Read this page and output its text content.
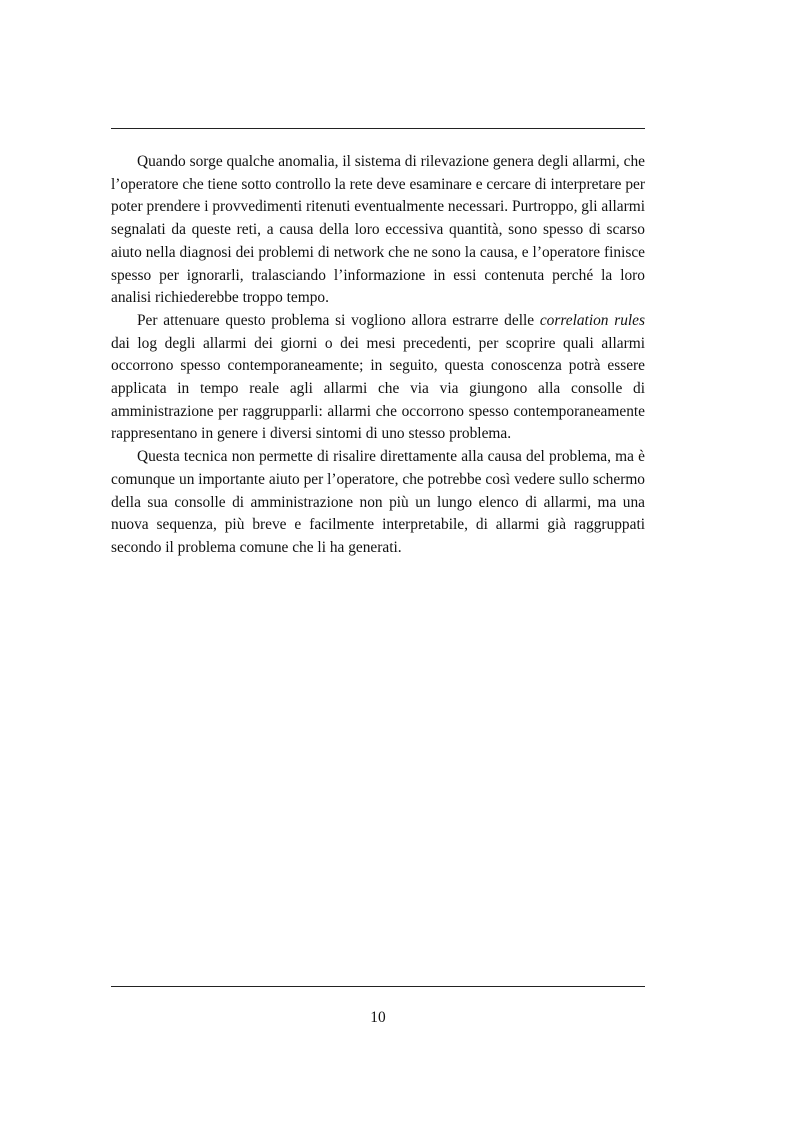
Quando sorge qualche anomalia, il sistema di rilevazione genera degli allarmi, che l’operatore che tiene sotto controllo la rete deve esaminare e cercare di interpretare per poter prendere i provvedimenti ritenuti eventualmente necessari. Purtroppo, gli allarmi segnalati da queste reti, a causa della loro eccessiva quantità, sono spesso di scarso aiuto nella diagnosi dei problemi di network che ne sono la causa, e l’operatore finisce spesso per ignorarli, tralasciando l’informazione in essi contenuta perché la loro analisi richiederebbe troppo tempo.

Per attenuare questo problema si vogliono allora estrarre delle correlation rules dai log degli allarmi dei giorni o dei mesi precedenti, per scoprire quali allarmi occorrono spesso contemporaneamente; in seguito, questa conoscenza potrà essere applicata in tempo reale agli allarmi che via via giungono alla consolle di amministrazione per raggrupparli: allarmi che occorrono spesso contemporaneamente rappresentano in genere i diversi sintomi di uno stesso problema.

Questa tecnica non permette di risalire direttamente alla causa del problema, ma è comunque un importante aiuto per l’operatore, che potrebbe così vedere sullo schermo della sua consolle di amministrazione non più un lungo elenco di allarmi, ma una nuova sequenza, più breve e facilmente interpretabile, di allarmi già raggruppati secondo il problema comune che li ha generati.

10
